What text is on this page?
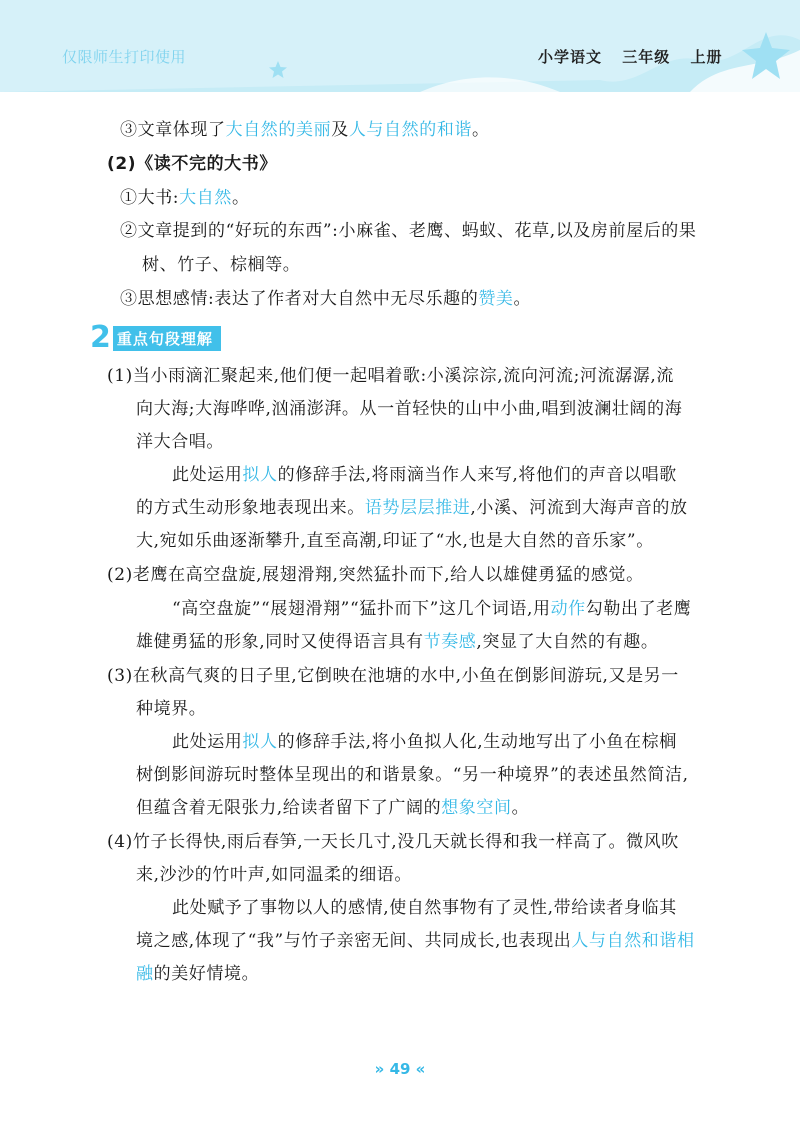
仅限师生打印使用	小学语文 三年级 上册
③文章体现了大自然的美丽及人与自然的和谐。
(2)《读不完的大书》
①大书:大自然。
②文章提到的“好玩的东西”:小麻雀、老鹰、蚂蚁、花草,以及房前屋后的果
树、竹子、棕榈等。
③思想感情:表达了作者对大自然中无尽乐趣的赞美。
2 重点句段理解
(1)当小雨滴汇聚起来,他们便一起唱着歌:小溪淙淙,流向河流;河流潺潺,流
向大海;大海哗哗,汹涌澎湃。从一首轻快的山中小曲,唱到波澜壮阔的海
洋大合唱。
此处运用拟人的修辞手法,将雨滴当作人来写,将他们的声音以唱歌
的方式生动形象地表现出来。语势层层推进,小溪、河流到大海声音的放
大,宛如乐曲逐渐攀升,直至高潮,印证了“水,也是大自然的音乐家”。
(2)老鹰在高空盘旋,展翅滑翔,突然猛扑而下,给人以雄健勇猛的感觉。
“高空盘旋”“展翅滑翔”“猛扑而下”这几个词语,用动作勾勒出了老鹰
雄健勇猛的形象,同时又使得语言具有节奏感,突显了大自然的有趣。
(3)在秋高气爽的日子里,它倒映在池塘的水中,小鱼在倒影间游玩,又是另一
种境界。
此处运用拟人的修辞手法,将小鱼拟人化,生动地写出了小鱼在棕榈
树倒影间游玩时整体呈现出的和谐景象。“另一种境界”的表述虽然简洁,
但蕴含着无限张力,给读者留下了广阔的想象空间。
(4)竹子长得快,雨后春笋,一天长几寸,没几天就长得和我一样高了。微风吹
来,沙沙的竹叶声,如同温柔的细语。
此处赋予了事物以人的感情,使自然事物有了灵性,带给读者身临其
境之感,体现了“我”与竹子亲密无间、共同成长,也表现出人与自然和谐相
融的美好情境。
» 49 «
